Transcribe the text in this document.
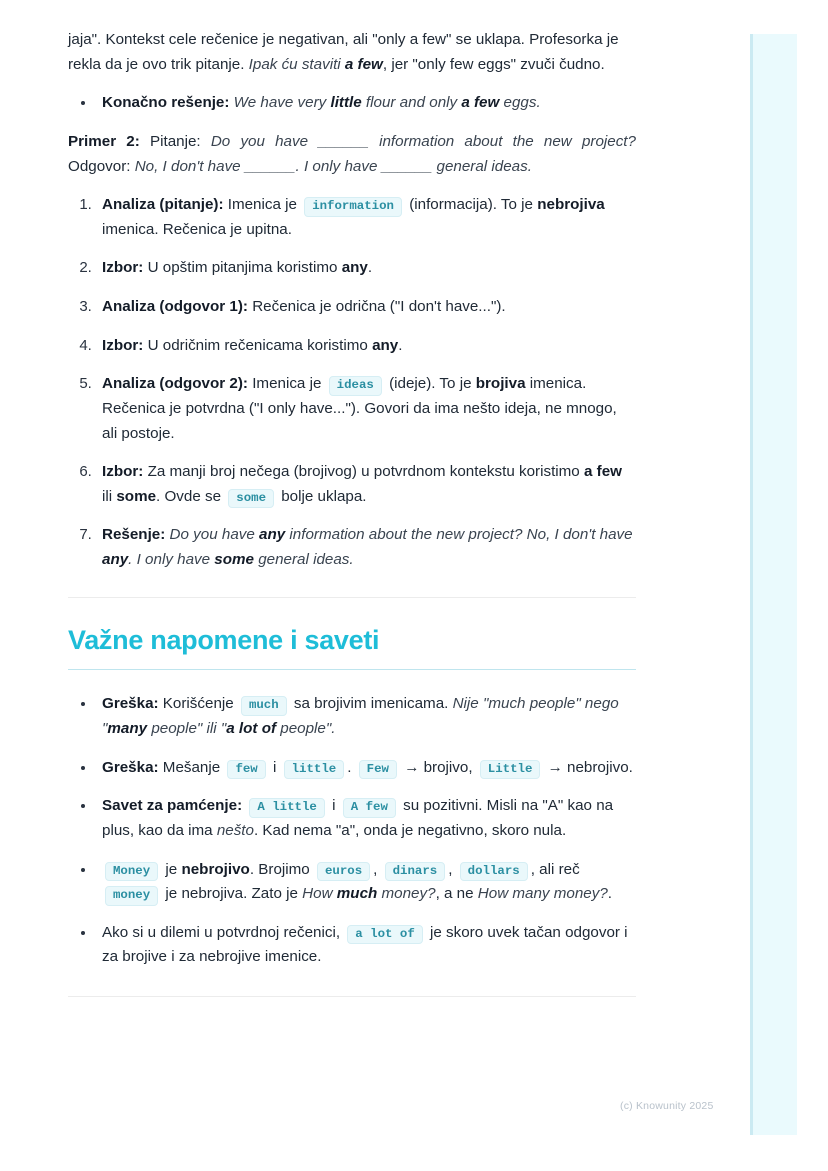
jaja". Kontekst cele rečenice je negativan, ali "only a few" se uklapa. Profesorka je rekla da je ovo trik pitanje. Ipak ću staviti a few, jer "only few eggs" zvuči čudno.

• Konačno rešenje: We have very little flour and only a few eggs.

Primer 2: Pitanje: Do you have ______ information about the new project? Odgovor: No, I don't have ______. I only have ______ general ideas.

1. Analiza (pitanje): Imenica je information (informacija). To je nebrojiva imenica. Rečenica je upitna.
2. Izbor: U opštim pitanjima koristimo any.
3. Analiza (odgovor 1): Rečenica je odrična ("I don't have...").
4. Izbor: U odričnim rečenicama koristimo any.
5. Analiza (odgovor 2): Imenica je ideas (ideje). To je brojiva imenica. Rečenica je potvrdna ("I only have..."). Govori da ima nešto ideja, ne mnogo, ali postoje.
6. Izbor: Za manji broj nečega (brojivog) u potvrdnom kontekstu koristimo a few ili some. Ovde se some bolje uklapa.
7. Rešenje: Do you have any information about the new project? No, I don't have any. I only have some general ideas.
Važne napomene i saveti
• Greška: Korišćenje much sa brojivim imenicama. Nije "much people" nego "many people" ili "a lot of people".
• Greška: Mešanje few i little . Few → brojivo, Little → nebrojivo.
• Savet za pamćenje: A little i A few su pozitivni. Misli na "A" kao na plus, kao da ima nešto. Kad nema "a", onda je negativno, skoro nula.
• Money je nebrojivo. Brojimo euros , dinars , dollars , ali reč money je nebrojiva. Zato je How much money?, a ne How many money?.
• Ako si u dilemi u potvrdnoj rečenici, a lot of je skoro uvek tačan odgovor i za brojive i za nebrojive imenice.
(c) Knowunity 2025
